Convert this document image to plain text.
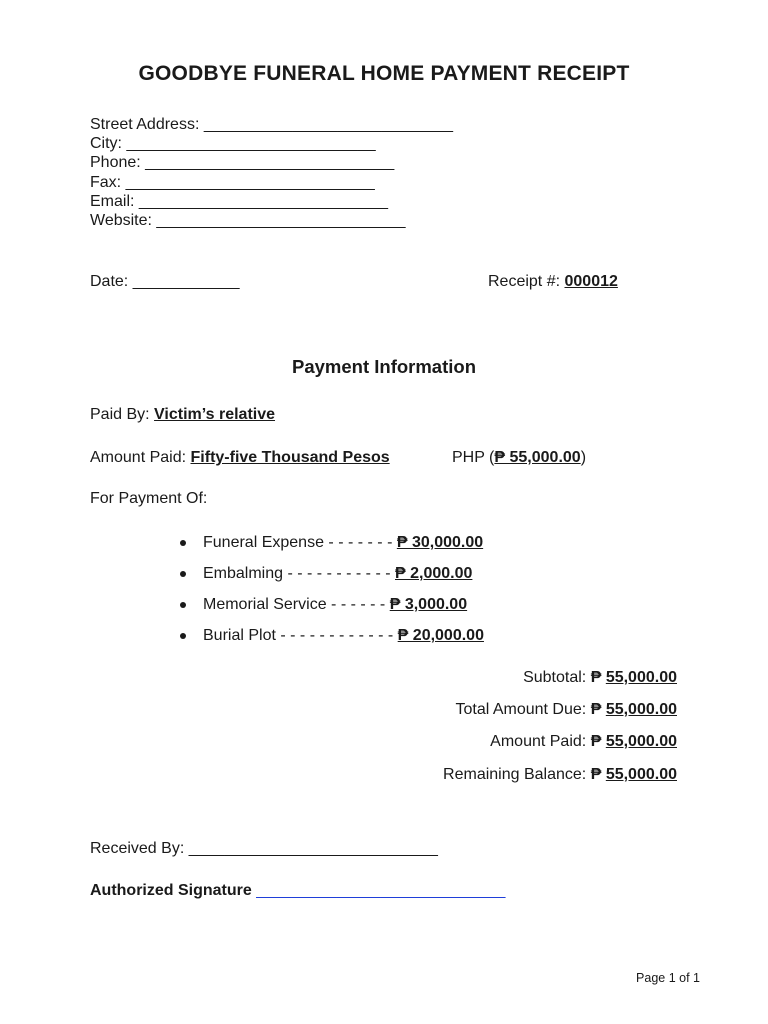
GOODBYE FUNERAL HOME PAYMENT RECEIPT
Street Address: ____________________________
City: ____________________________
Phone: ____________________________
Fax: ____________________________
Email: ____________________________
Website: ____________________________
Date: ____________	Receipt #: 000012
Payment Information
Paid By: Victim’s relative
Amount Paid: Fifty-five Thousand Pesos	PHP (₱ 55,000.00)
For Payment Of:
Funeral Expense - - - - - - - ₱ 30,000.00
Embalming - - - - - - - - - - - ₱ 2,000.00
Memorial Service - - - - - - ₱ 3,000.00
Burial Plot - - - - - - - - - - - - ₱ 20,000.00
Subtotal: ₱ 55,000.00
Total Amount Due: ₱ 55,000.00
Amount Paid: ₱ 55,000.00
Remaining Balance: ₱ 55,000.00
Received By: ____________________________
Authorized Signature ____________________________
Page 1 of 1
